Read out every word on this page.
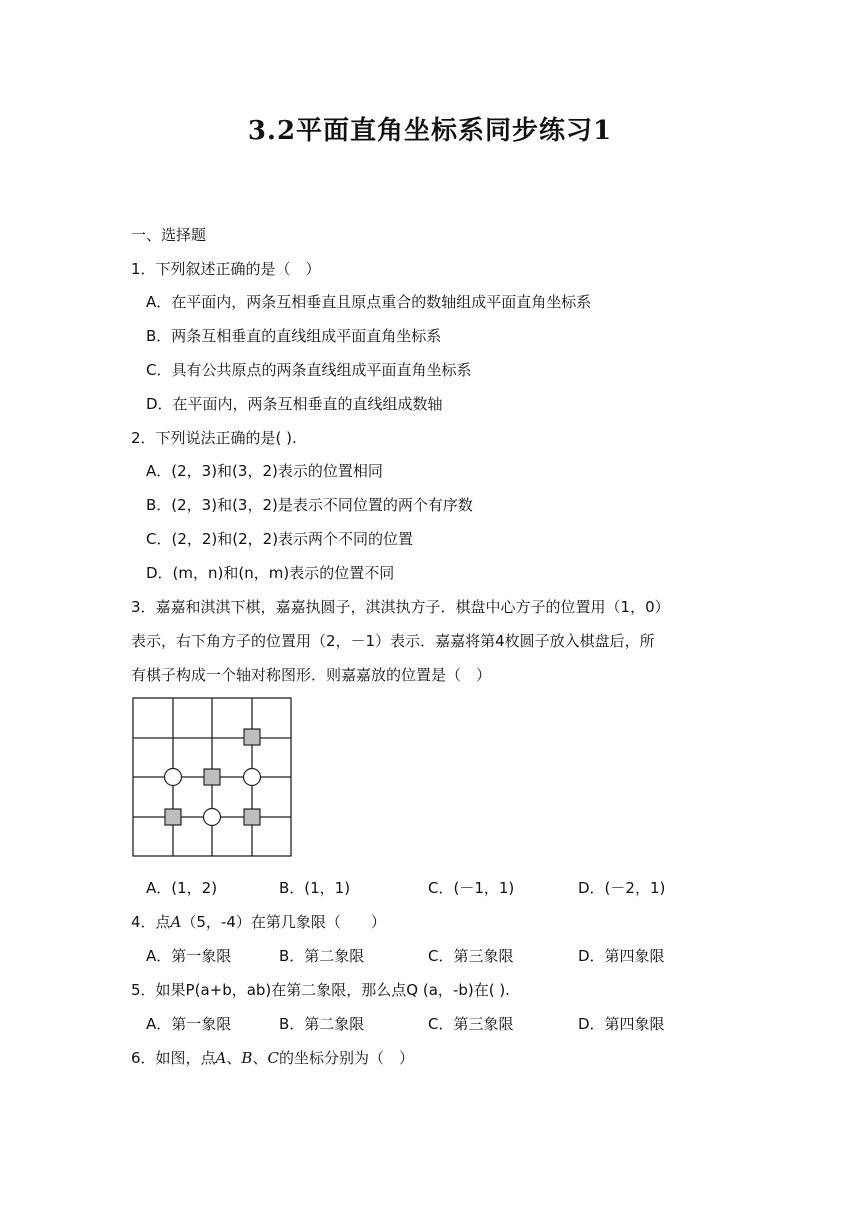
3.2平面直角坐标系同步练习1
一、选择题
1．下列叙述正确的是（　）
A．在平面内，两条互相垂直且原点重合的数轴组成平面直角坐标系
B．两条互相垂直的直线组成平面直角坐标系
C．具有公共原点的两条直线组成平面直角坐标系
D．在平面内，两条互相垂直的直线组成数轴
2．下列说法正确的是( ).
A．(2，3)和(3，2)表示的位置相同
B．(2，3)和(3，2)是表示不同位置的两个有序数
C．(2，2)和(2，2)表示两个不同的位置
D．(m，n)和(n，m)表示的位置不同
3．嘉嘉和淇淇下棋，嘉嘉执圆子，淇淇执方子．棋盘中心方子的位置用（1，0）
表示，右下角方子的位置用（2，－1）表示．嘉嘉将第4枚圆子放入棋盘后，所
有棋子构成一个轴对称图形．则嘉嘉放的位置是（　）
A．(1，2)	B．(1，1)	C．(－1，1)	D．(－2，1)
4．点A（5，-4）在第几象限（　　）
A．第一象限	B．第二象限	C．第三象限	D．第四象限
5．如果P(a+b，ab)在第二象限，那么点Q (a，-b)在( ).
A．第一象限	B．第二象限	C．第三象限	D．第四象限
6．如图，点A、B、C的坐标分别为（　）
